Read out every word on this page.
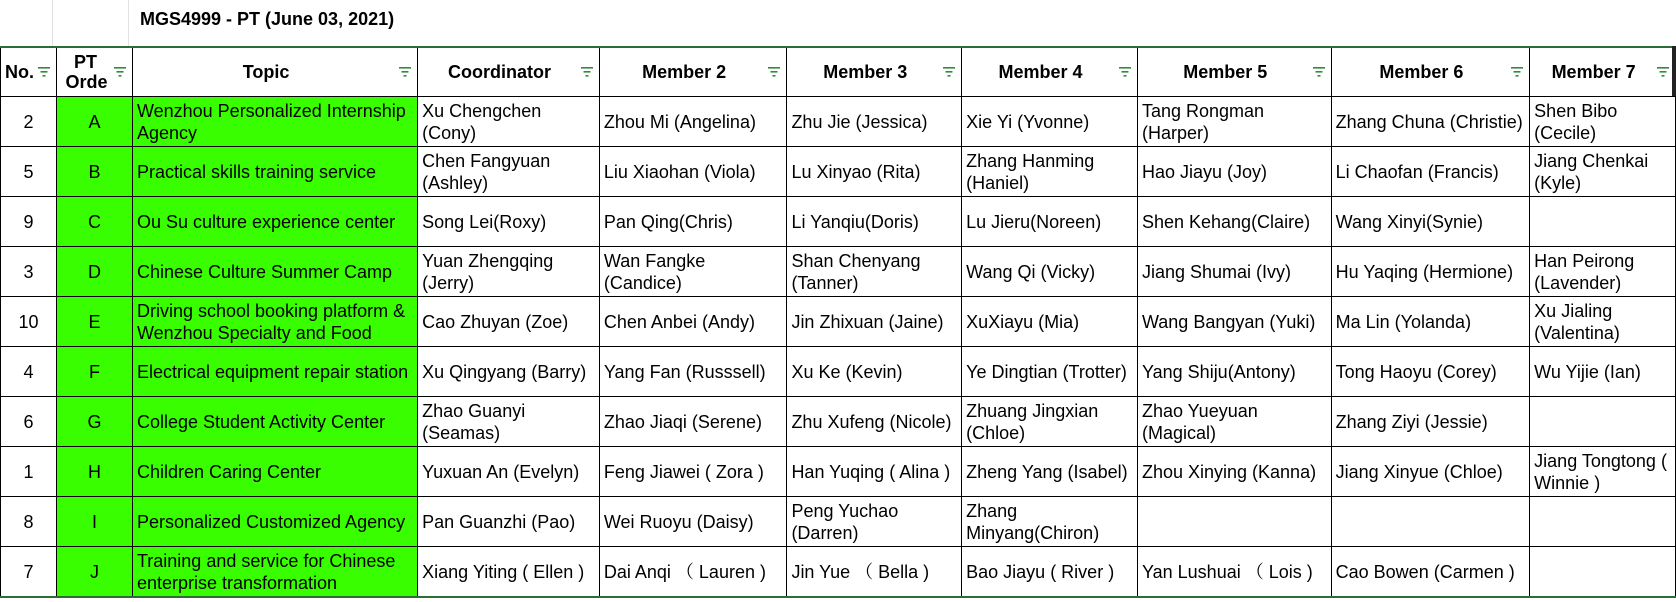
MGS4999 - PT (June 03, 2021)
No.	PT Orde	Topic	Coordinator	Member 2	Member 3	Member 4	Member 5	Member 6	Member 7

2	A	Wenzhou Personalized Internship Agency	Xu Chengchen (Cony)	Zhou Mi (Angelina)	Zhu Jie (Jessica)	Xie Yi (Yvonne)	Tang Rongman (Harper)	Zhang Chuna (Christie)	Shen Bibo (Cecile)

5	B	Practical skills training service	Chen Fangyuan (Ashley)	Liu Xiaohan (Viola)	Lu Xinyao (Rita)	Zhang Hanming (Haniel)	Hao Jiayu (Joy)	Li Chaofan (Francis)	Jiang Chenkai (Kyle)

9	C	Ou Su culture experience center	Song Lei(Roxy)	Pan Qing(Chris)	Li Yanqiu(Doris)	Lu Jieru(Noreen)	Shen Kehang(Claire)	Wang Xinyi(Synie)	

3	D	Chinese Culture Summer Camp	Yuan Zhengqing (Jerry)	Wan Fangke (Candice)	Shan Chenyang (Tanner)	Wang Qi (Vicky)	Jiang Shumai (Ivy)	Hu Yaqing (Hermione)	Han Peirong (Lavender)

10	E	Driving school booking platform & Wenzhou Specialty and Food	Cao Zhuyan (Zoe)	Chen Anbei (Andy)	Jin Zhixuan (Jaine)	XuXiayu (Mia)	Wang Bangyan (Yuki)	Ma Lin (Yolanda)	Xu Jialing (Valentina)

4	F	Electrical equipment repair station	Xu Qingyang (Barry)	Yang Fan (Russsell)	Xu Ke (Kevin)	Ye Dingtian (Trotter)	Yang Shiju(Antony)	Tong Haoyu (Corey)	Wu Yijie (Ian)

6	G	College Student Activity Center	Zhao Guanyi (Seamas)	Zhao Jiaqi (Serene)	Zhu Xufeng (Nicole)	Zhuang Jingxian (Chloe)	Zhao Yueyuan (Magical)	Zhang Ziyi (Jessie)	

1	H	Children Caring Center	Yuxuan An (Evelyn)	Feng Jiawei ( Zora )	Han Yuqing ( Alina )	Zheng Yang (Isabel)	Zhou Xinying (Kanna)	Jiang Xinyue (Chloe)	Jiang Tongtong ( Winnie )

8	I	Personalized Customized Agency	Pan Guanzhi (Pao)	Wei Ruoyu (Daisy)	Peng Yuchao (Darren)	Zhang Minyang(Chiron)			

7	J	Training and service for Chinese enterprise transformation	Xiang Yiting ( Ellen )	Dai Anqi （ Lauren )	Jin Yue （ Bella )	Bao Jiayu ( River )	Yan Lushuai （ Lois )	Cao Bowen (Carmen )	
